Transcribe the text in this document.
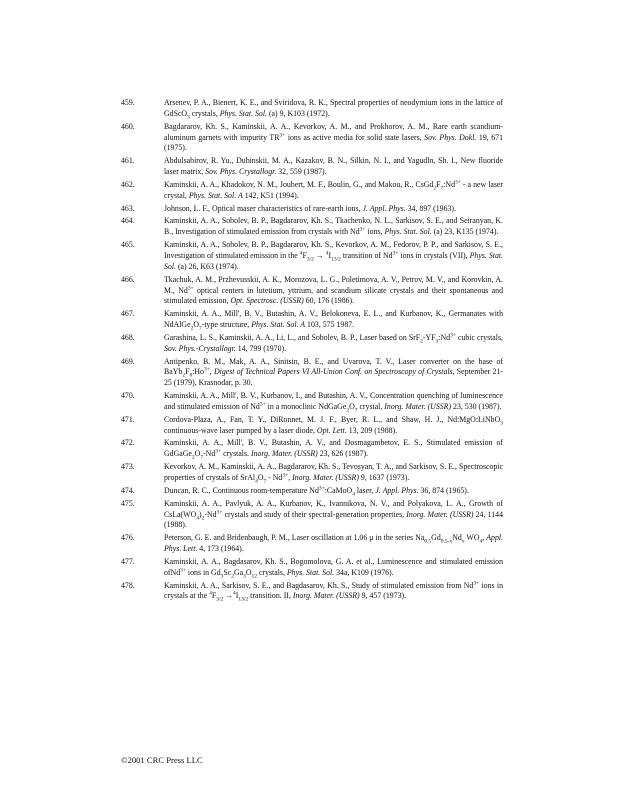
459.	Arsenev, P. A., Bienert, K. E., and Sviridova, R. K., Spectral properties of neodymium ions in the lattice of GdScO$_3$ crystals, Phys. Stat. Sol. (a) 9, K103 (1972).
460.	Bagdararov, Kh. S., Kaminskii, A. A., Kevorkov, A. M., and Prokhorov, A. M., Rare earth scandium-aluminum garnets with impurity $TR^{3+}$ ions as active media for solid state lasers, Sov. Phys. Dokl. 19, 671 (1975).
461.	Abdulsabirov, R. Yu., Dubinskii, M. A., Kazakov, B. N., Silkin, N. I., and Yagudln, Sh. I., New fluoride laser matrix, Sov. Phys. Crystallogr. 32, 559 (1987).
462.	Kaminskii, A. A., Khadokov, N. M., Joubert, M. F., Boulin, G., and Makou, R., $CsGd_2F_7:Nd^{3+}$ - a new laser crystal, Phys. Stat. Sol. A 142, K51 (1994).
463.	Johnson, L. F., Optical maser characteristics of rare-earth ions, J. Appl. Phys. 34, 897 (1963).
464.	Kaminskii, A. A., Sobolev, B. P., Bagdararov, Kh. S., Tkachenko, N. L., Sarkisov, S. E., and Seiranyan, K. B., Investigation of stimulated emission from crystals with $Nd^{3+}$ ions, Phys. Stat. Sol. (a) 23, K135 (1974).
465.	Kaminskii, A. A., Sobolev, B. P., Bagdararov, Kh. S., Kevorkov, A. M., Fedorov, P. P., and Sarkisov, S. E., Investigation of stimulated emission in the $^4F_{3/2} \to ^4I_{13/2}$ transition of $Nd^{3+}$ ions in crystals (VII), Phys. Stat. Sol. (a) 26, K63 (1974).
466.	Tkachuk, A. M., Przhevusskii, A. K., Morozova, L. G., Poletimova, A. V., Petrov, M. V., and Korovkin, A. M., $Nd^{3+}$ optical centers in lutetium, yttrium, and scandium silicate crystals and their spontaneous and stimulated emission, Opt. Spectrosc. (USSR) 60, 176 (1986).
467.	Kaminskii, A. A., Mill', B. V., Butashin, A. V., Belokoneva, E. L., and Kurbanov, K., Germanates with $NdAlGe_2O_7$-type structure, Phys. Stat. Sol. A 103, 575 1987.
468.	Garashina, L. S., Kaminskii, A. A., Li, L., and Sobolev, B. P., Laser based on $SrF_2-YF_3:Nd^{3+}$ cubic crystals, Sov. Phys.-Crystallogr. 14, 799 (1970).
469.	Antipenko, B. M., Mak, A. A., Sinitsin, B. E., and Uvarova, T. V., Laser converter on the base of $BaYb_2F_8:Ho^{3+}$, Digest of Technical Papers VI All-Union Conf. on Spectroscopy of Crystals, September 21-25 (1979), Krasnodar, p. 30.
470.	Kaminskii, A. A., Mill', B. V., Kurbanov, I., and Butashin, A. V., Concentration quenching of luminescence and stimulated emission of $Nd^{3+}$ in a monoclinic $NdGaGe_2O_7$ crystal, Inorg. Mater. (USSR) 23, 530 (1987).
471.	Cordova-Plaza, A., Fan, T. Y., DiRonnet, M. J. F., Byer, R. L., and Shaw, H. J., Nd:MgO:LiNbO$_3$ continuous-wave laser pumped by a laser diode, Opt. Lett. 13, 209 (1988).
472.	Kaminskii, A. A., Mill', B. V., Butashin, A. V., and Dosmagambetov, E. S., Stimulated emission of $GdGaGe_2O_7-Nd^{3+}$ crystals. Inorg. Mater. (USSR) 23, 626 (1987).
473.	Kevorkov, A. M., Kaminskii, A. A., Bagdararov, Kh. S., Tevosyan, T. A., and Sarkisov, S. E., Spectroscopic properties of crystals of $SrAl_4O_7 - Nd^{3+}$, Inorg. Mater. (USSR) 9, 1637 (1973).
474.	Duncan, R. C., Continuous room-temperature $Nd^{3+}:CaMoO_4$ laser, J. Appl. Phys. 36, 874 (1965).
475.	Kaminskii, A. A., Pavlyuk, A. A., Kurbanov, K., Ivannikova, N. V., and Polyakova, L. A., Growth of $CsLa(WO_4)_2-Nd^{3+}$ crystals and study of their spectral-generation properties, Inorg. Mater. (USSR) 24, 1144 (1988).
476.	Peterson, G. E. and Bridenbaugh, P. M., Laser oscillation at 1.06 μ in the series $Na_{0.5}Gd_{0.5-x}Nd_x$ $WO_4$, Appl. Phys. Lett. 4, 173 (1964).
477.	Kaminskii, A. A., Bagdasarov, Kh. S., Bogomolova, G. A. et al., Luminescence and stimulated emission ofNd$^{3+}$ ions in $Gd_3Sc_2Ga_3O_{12}$ crystals, Phys. Stat. Sol. 34a, K109 (1976).
478.	Kaminskii, A. A., Sarkisov, S. E., and Bagdasarov, Kh. S., Study of stimulated emission from $Nd^{3+}$ ions in crystals at the $^4F_{3/2} \to^4I_{13/2}$ transition. II, Inorg. Mater. (USSR) 9, 457 (1973).
©2001 CRC Press LLC
